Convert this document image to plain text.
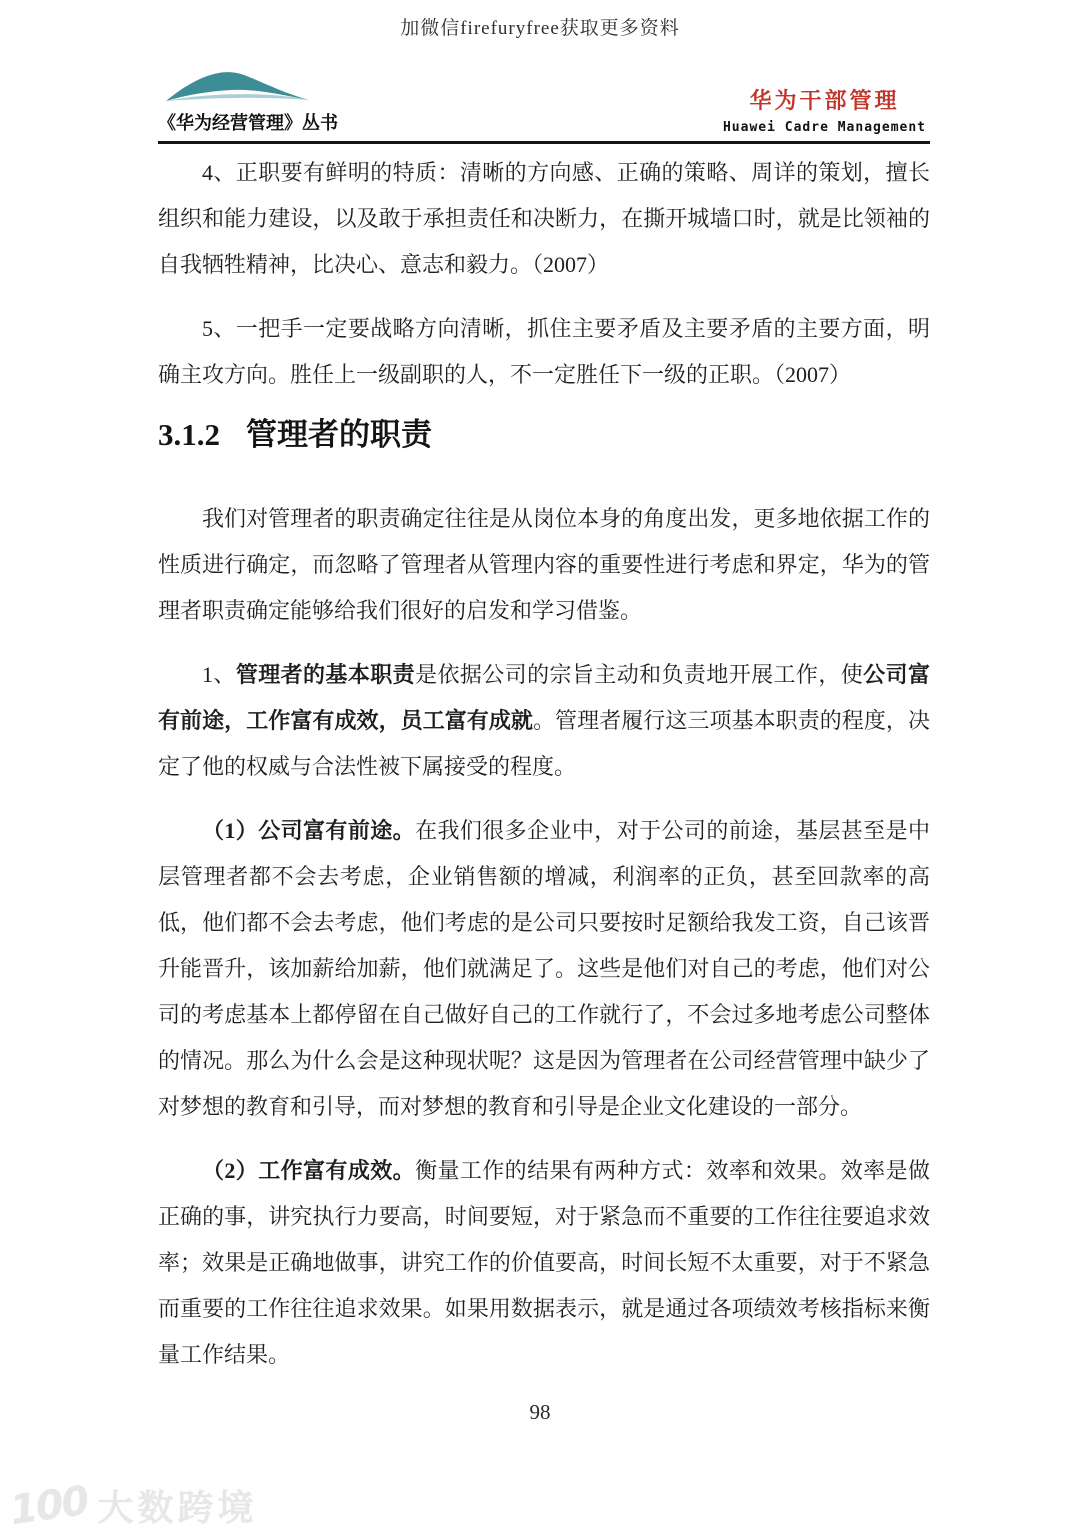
加微信firefuryfree获取更多资料
《华为经营管理》丛书
华为干部管理
Huawei Cadre Management

4、正职要有鲜明的特质：清晰的方向感、正确的策略、周详的策划，擅长组织和能力建设，以及敢于承担责任和决断力，在撕开城墙口时，就是比领袖的自我牺牲精神，比决心、意志和毅力。（2007）

5、一把手一定要战略方向清晰，抓住主要矛盾及主要矛盾的主要方面，明确主攻方向。胜任上一级副职的人，不一定胜任下一级的正职。（2007）

3.1.2 管理者的职责

我们对管理者的职责确定往往是从岗位本身的角度出发，更多地依据工作的性质进行确定，而忽略了管理者从管理内容的重要性进行考虑和界定，华为的管理者职责确定能够给我们很好的启发和学习借鉴。

1、管理者的基本职责是依据公司的宗旨主动和负责地开展工作，使公司富有前途，工作富有成效，员工富有成就。管理者履行这三项基本职责的程度，决定了他的权威与合法性被下属接受的程度。

（1）公司富有前途。在我们很多企业中，对于公司的前途，基层甚至是中层管理者都不会去考虑，企业销售额的增减，利润率的正负，甚至回款率的高低，他们都不会去考虑，他们考虑的是公司只要按时足额给我发工资，自己该晋升能晋升，该加薪给加薪，他们就满足了。这些是他们对自己的考虑，他们对公司的考虑基本上都停留在自己做好自己的工作就行了，不会过多地考虑公司整体的情况。那么为什么会是这种现状呢？这是因为管理者在公司经营管理中缺少了对梦想的教育和引导，而对梦想的教育和引导是企业文化建设的一部分。

（2）工作富有成效。衡量工作的结果有两种方式：效率和效果。效率是做正确的事，讲究执行力要高，时间要短，对于紧急而不重要的工作往往要追求效率；效果是正确地做事，讲究工作的价值要高，时间长短不太重要，对于不紧急而重要的工作往往追求效果。如果用数据表示，就是通过各项绩效考核指标来衡量工作结果。

98
100 大数跨境
